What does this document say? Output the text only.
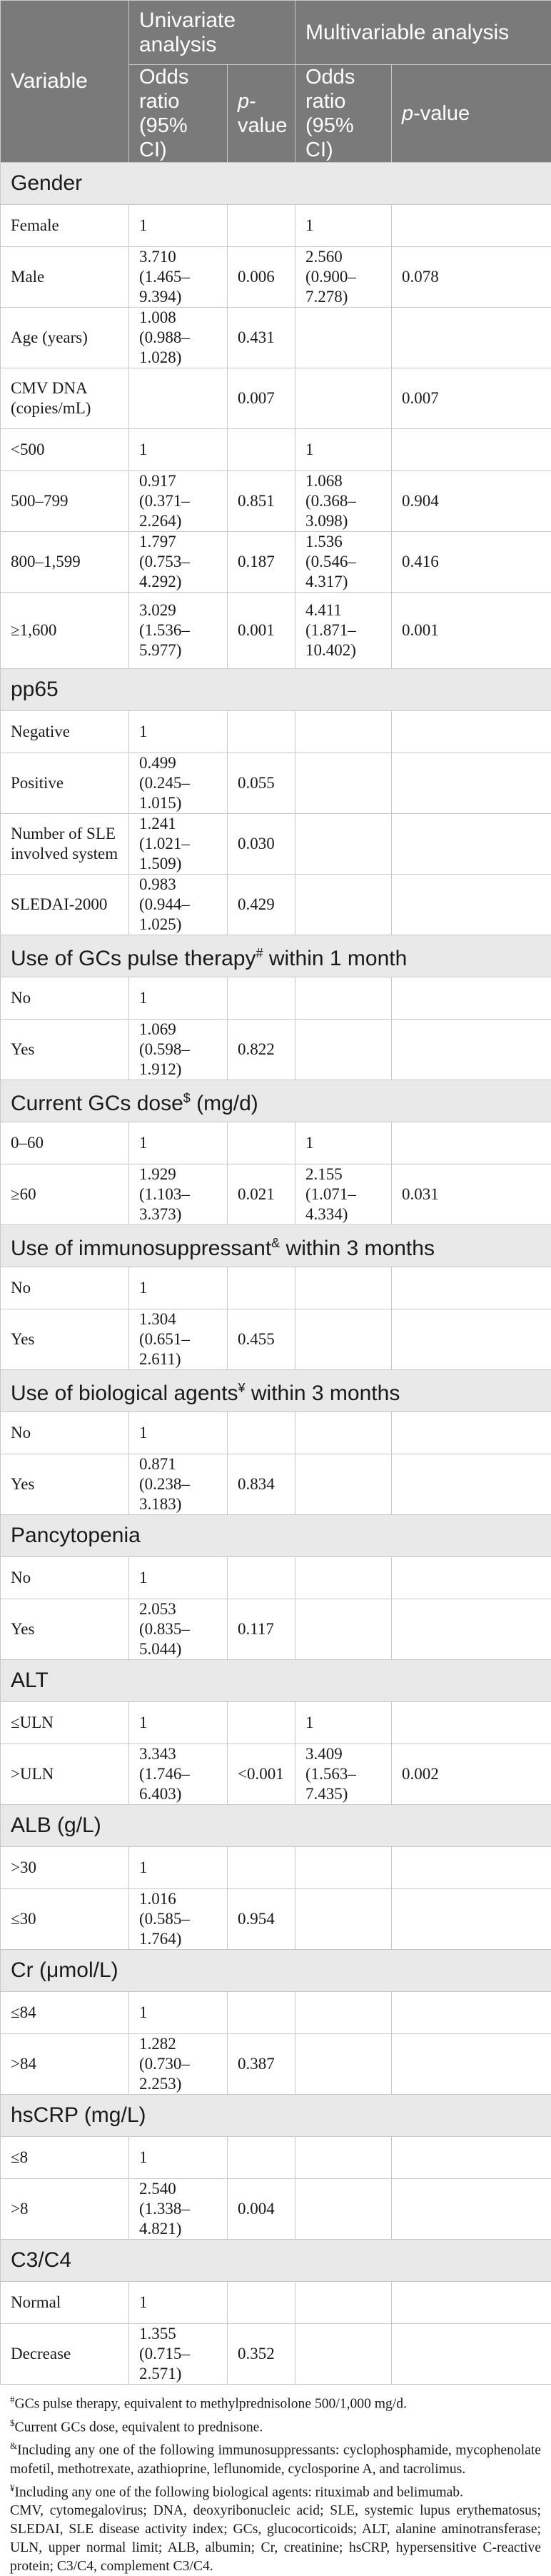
Variable	Univariate analysis		Multivariable analysis	
	Odds ratio (95% CI)	p-value	Odds ratio (95% CI)	p-value
Gender				
Female	1		1	
Male	3.710 (1.465–9.394)	0.006	2.560 (0.900–7.278)	0.078
Age (years)	1.008 (0.988–1.028)	0.431		
CMV DNA (copies/mL)		0.007		0.007
<500	1		1	
500–799	0.917 (0.371–2.264)	0.851	1.068 (0.368–3.098)	0.904
800–1,599	1.797 (0.753–4.292)	0.187	1.536 (0.546–4.317)	0.416
≥1,600	3.029 (1.536–5.977)	0.001	4.411 (1.871–10.402)	0.001
pp65				
Negative	1			
Positive	0.499 (0.245–1.015)	0.055		
Number of SLE involved system	1.241 (1.021–1.509)	0.030		
SLEDAI-2000	0.983 (0.944–1.025)	0.429		
Use of GCs pulse therapy# within 1 month				
No	1			
Yes	1.069 (0.598–1.912)	0.822		
Current GCs dose$ (mg/d)				
0–60	1		1	
≥60	1.929 (1.103–3.373)	0.021	2.155 (1.071–4.334)	0.031
Use of immunosuppressant& within 3 months				
No	1			
Yes	1.304 (0.651–2.611)	0.455		
Use of biological agents¥ within 3 months				
No	1			
Yes	0.871 (0.238–3.183)	0.834		
Pancytopenia				
No	1			
Yes	2.053 (0.835–5.044)	0.117		
ALT				
≤ULN	1		1	
>ULN	3.343 (1.746–6.403)	<0.001	3.409 (1.563–7.435)	0.002
ALB (g/L)				
>30	1			
≤30	1.016 (0.585–1.764)	0.954		
Cr (μmol/L)				
≤84	1			
>84	1.282 (0.730–2.253)	0.387		
hsCRP (mg/L)				
≤8	1			
>8	2.540 (1.338–4.821)	0.004		
C3/C4				
Normal	1			
Decrease	1.355 (0.715–2.571)	0.352		

#GCs pulse therapy, equivalent to methylprednisolone 500/1,000 mg/d.

$Current GCs dose, equivalent to prednisone.

&Including any one of the following immunosuppressants: cyclophosphamide, mycophenolate mofetil, methotrexate, azathioprine, leflunomide, cyclosporine A, and tacrolimus.

¥Including any one of the following biological agents: rituximab and belimumab.

CMV, cytomegalovirus; DNA, deoxyribonucleic acid; SLE, systemic lupus erythematosus; SLEDAI, SLE disease activity index; GCs, glucocorticoids; ALT, alanine aminotransferase; ULN, upper normal limit; ALB, albumin; Cr, creatinine; hsCRP, hypersensitive C-reactive protein; C3/C4, complement C3/C4.
